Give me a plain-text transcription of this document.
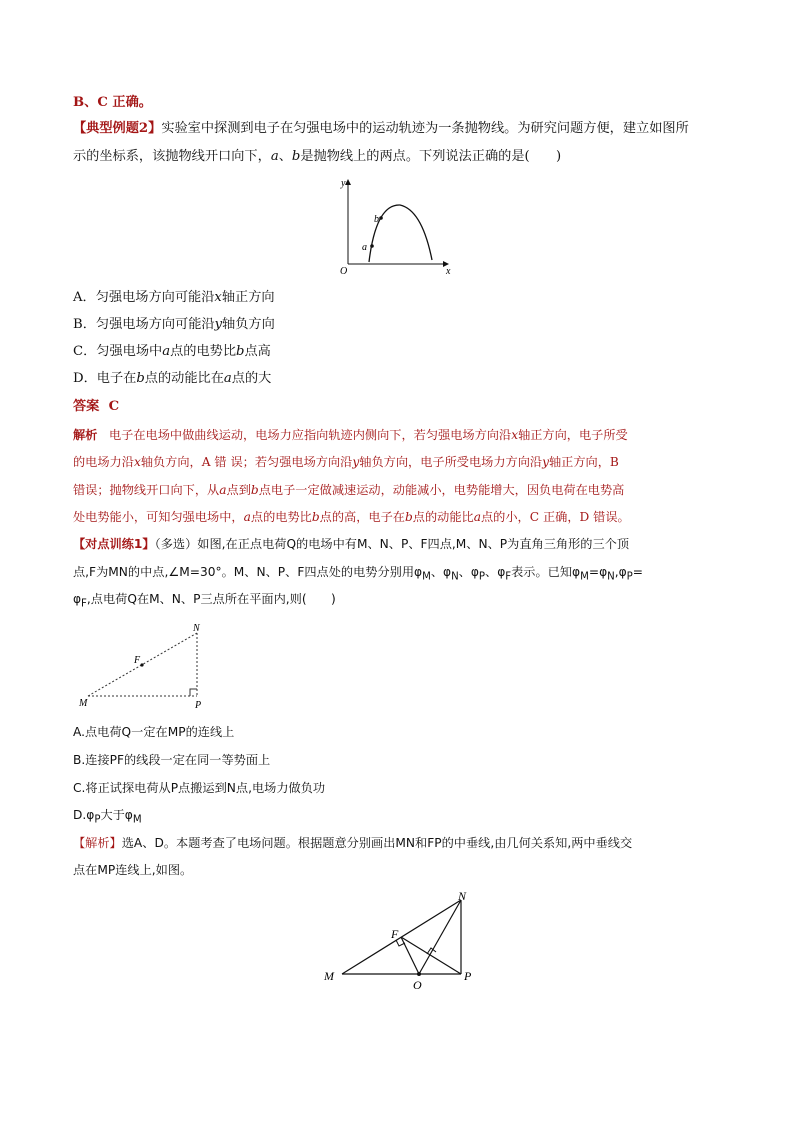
B、C 正确。
【典型例题2】实验室中探测到电子在匀强电场中的运动轨迹为一条抛物线。为研究问题方便，建立如图所
示的坐标系，该抛物线开口向下，a、b是抛物线上的两点。下列说法正确的是(　　)
y
x
O
a
b
A．匀强电场方向可能沿x轴正方向
B．匀强电场方向可能沿y轴负方向
C．匀强电场中a点的电势比b点高
D．电子在b点的动能比在a点的大
答案 C
解析 电子在电场中做曲线运动，电场力应指向轨迹内侧向下，若匀强电场方向沿x轴正方向，电子所受
的电场力沿x轴负方向，A 错 误；若匀强电场方向沿y轴负方向，电子所受电场力方向沿y轴正方向，B
错误；抛物线开口向下，从a点到b点电子一定做减速运动，动能减小，电势能增大，因负电荷在电势高
处电势能小，可知匀强电场中，a点的电势比b点的高，电子在b点的动能比a点的小，C 正确，D 错误。
【对点训练1】（多选）如图,在正点电荷Q的电场中有M、N、P、F四点,M、N、P为直角三角形的三个顶
点,F为MN的中点,∠M=30°。M、N、P、F四点处的电势分别用$\varphi_M$、$\varphi_N$、$\varphi_P$、$\varphi_F$表示。已知$\varphi_M=\varphi_N,\varphi_P=$
$\varphi_F$,点电荷Q在M、N、P三点所在平面内,则(　　)
N
F
M	P
A.点电荷Q一定在MP的连线上
B.连接PF的线段一定在同一等势面上
C.将正试探电荷从P点搬运到N点,电场力做负功
$D.\varphi_P$大于$\varphi_M$
【解析】选A、D。本题考查了电场问题。根据题意分别画出MN和FP的中垂线,由几何关系知,两中垂线交
点在MP连线上,如图。
N
F
M	P
O
